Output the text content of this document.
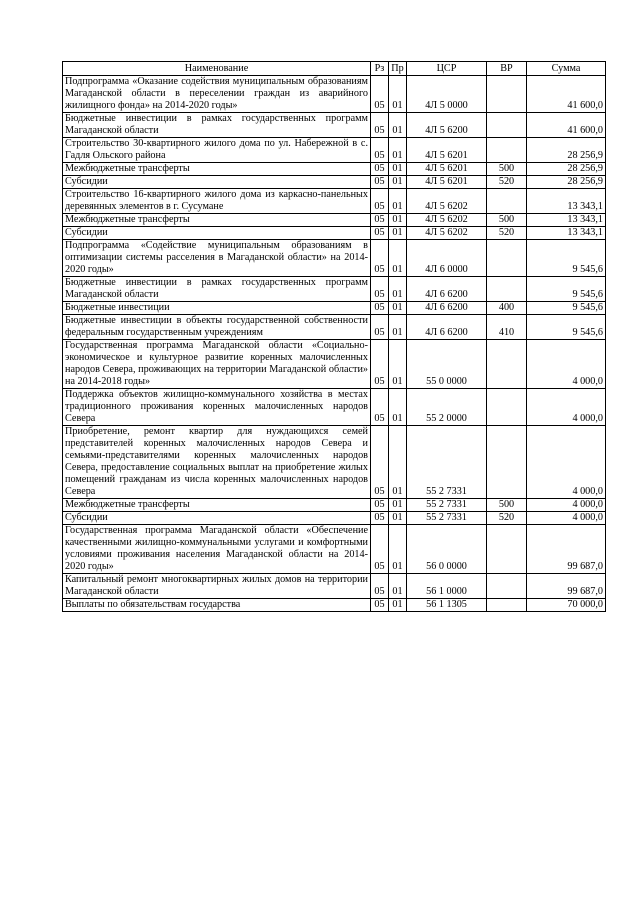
Наименование	Рз	Пр	ЦСР	ВР	Сумма
Подпрограмма «Оказание содействия муниципальным образованиям Магаданской области в переселении граждан из аварийного жилищного фонда» на 2014-2020 годы»	05	01	4Л 5 0000		41 600,0
Бюджетные инвестиции в рамках государственных программ Магаданской области	05	01	4Л 5 6200		41 600,0
Строительство 30-квартирного жилого дома по ул. Набережной в с. Гадля Ольского района	05	01	4Л 5 6201		28 256,9
Межбюджетные трансферты	05	01	4Л 5 6201	500	28 256,9
Субсидии	05	01	4Л 5 6201	520	28 256,9
Строительство 16-квартирного жилого дома из каркасно-панельных деревянных элементов в г. Сусумане	05	01	4Л 5 6202		13 343,1
Межбюджетные трансферты	05	01	4Л 5 6202	500	13 343,1
Субсидии	05	01	4Л 5 6202	520	13 343,1
Подпрограмма «Содействие муниципальным образованиям в оптимизации системы расселения в Магаданской области» на 2014-2020 годы»	05	01	4Л 6 0000		9 545,6
Бюджетные инвестиции в рамках государственных программ Магаданской области	05	01	4Л 6 6200		9 545,6
Бюджетные инвестиции	05	01	4Л 6 6200	400	9 545,6
Бюджетные инвестиции в объекты государственной собственности федеральным государственным учреждениям	05	01	4Л 6 6200	410	9 545,6
Государственная программа Магаданской области «Социально-экономическое и культурное развитие коренных малочисленных народов Севера, проживающих на территории Магаданской области» на 2014-2018 годы»	05	01	55 0 0000		4 000,0
Поддержка объектов жилищно-коммунального хозяйства в местах традиционного проживания коренных малочисленных народов Севера	05	01	55 2 0000		4 000,0
Приобретение, ремонт квартир для нуждающихся семей представителей коренных малочисленных народов Севера и семьями-представителями коренных малочисленных народов Севера, предоставление социальных выплат на приобретение жилых помещений гражданам из числа коренных малочисленных народов Севера	05	01	55 2 7331		4 000,0
Межбюджетные трансферты	05	01	55 2 7331	500	4 000,0
Субсидии	05	01	55 2 7331	520	4 000,0
Государственная программа Магаданской области «Обеспечение качественными жилищно-коммунальными услугами и комфортными условиями проживания населения Магаданской области на 2014-2020 годы»	05	01	56 0 0000		99 687,0
Капитальный ремонт многоквартирных жилых домов на территории Магаданской области	05	01	56 1 0000		99 687,0
Выплаты по обязательствам государства	05	01	56 1 1305		70 000,0
